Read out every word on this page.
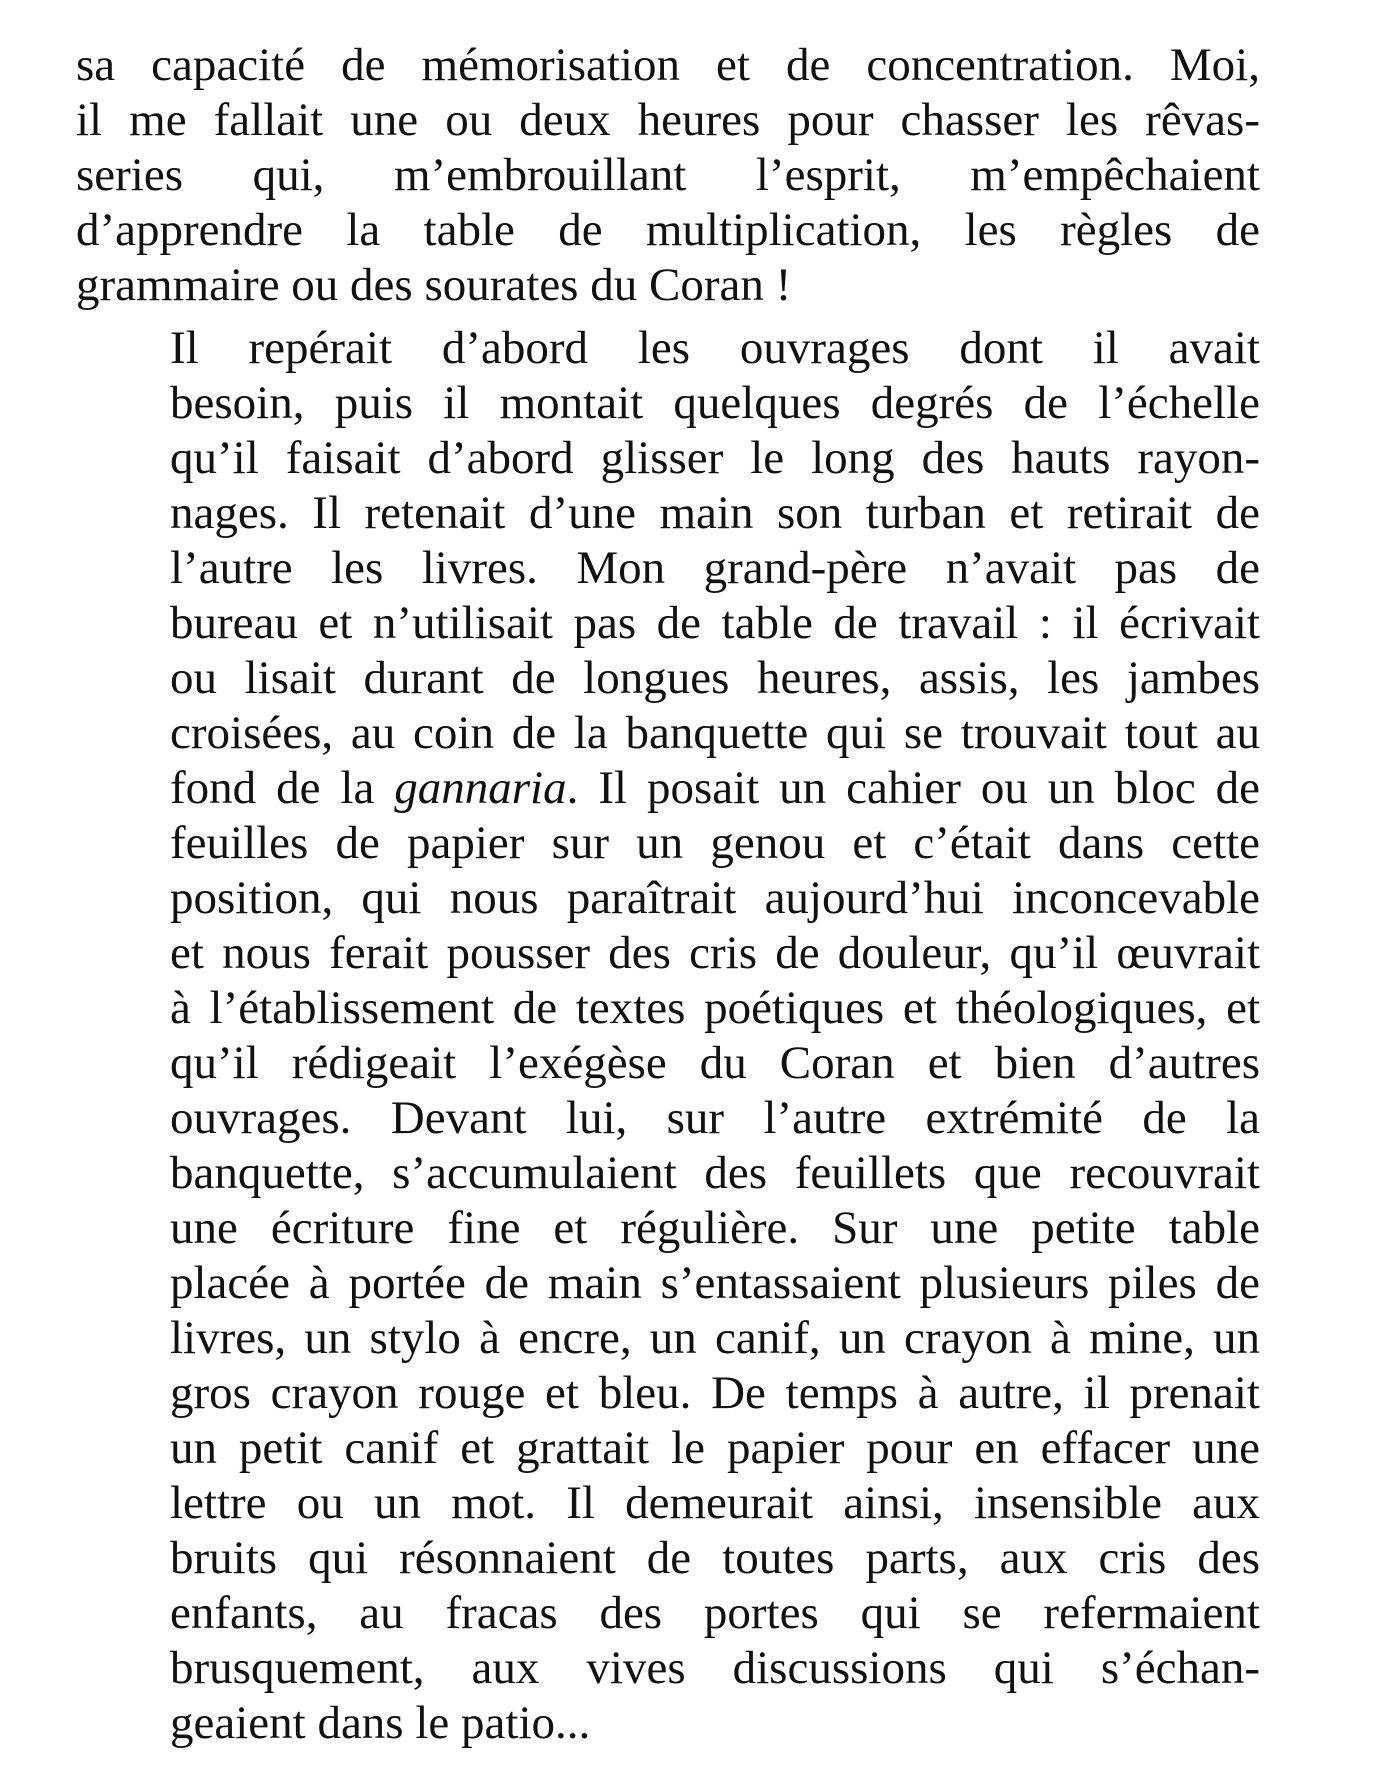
sa capacité de mémorisation et de concentration. Moi,
il me fallait une ou deux heures pour chasser les rêvas-
series qui, m’embrouillant l’esprit, m’empêchaient
d’apprendre la table de multiplication, les règles de
grammaire ou des sourates du Coran !

Il repérait d’abord les ouvrages dont il avait
besoin, puis il montait quelques degrés de l’échelle
qu’il faisait d’abord glisser le long des hauts rayon-
nages. Il retenait d’une main son turban et retirait de
l’autre les livres. Mon grand-père n’avait pas de
bureau et n’utilisait pas de table de travail : il écrivait
ou lisait durant de longues heures, assis, les jambes
croisées, au coin de la banquette qui se trouvait tout au
fond de la gannaria. Il posait un cahier ou un bloc de
feuilles de papier sur un genou et c’était dans cette
position, qui nous paraîtrait aujourd’hui inconcevable
et nous ferait pousser des cris de douleur, qu’il œuvrait
à l’établissement de textes poétiques et théologiques, et
qu’il rédigeait l’exégèse du Coran et bien d’autres
ouvrages. Devant lui, sur l’autre extrémité de la
banquette, s’accumulaient des feuillets que recouvrait
une écriture fine et régulière. Sur une petite table
placée à portée de main s’entassaient plusieurs piles de
livres, un stylo à encre, un canif, un crayon à mine, un
gros crayon rouge et bleu. De temps à autre, il prenait
un petit canif et grattait le papier pour en effacer une
lettre ou un mot. Il demeurait ainsi, insensible aux
bruits qui résonnaient de toutes parts, aux cris des
enfants, au fracas des portes qui se refermaient
brusquement, aux vives discussions qui s’échan-
geaient dans le patio...
